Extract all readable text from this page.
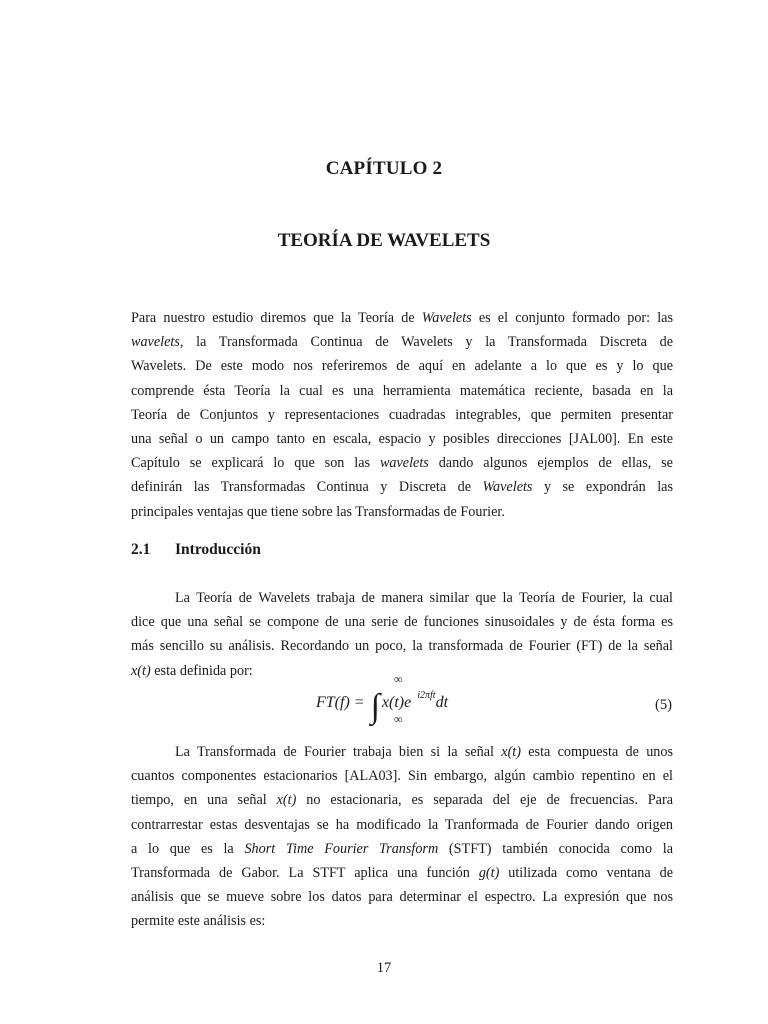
CAPÍTULO 2
TEORÍA DE WAVELETS
Para nuestro estudio diremos que la Teoría de Wavelets es el conjunto formado por: las
wavelets, la Transformada Continua de Wavelets y la Transformada Discreta de
Wavelets. De este modo nos referiremos de aquí en adelante a lo que es y lo que
comprende ésta Teoría la cual es una herramienta matemática reciente, basada en la
Teoría de Conjuntos y representaciones cuadradas integrables, que permiten presentar
una señal o un campo tanto en escala, espacio y posibles direcciones [JAL00]. En este
Capítulo se explicará lo que son las wavelets dando algunos ejemplos de ellas, se
definirán las Transformadas Continua y Discreta de Wavelets y se expondrán las
principales ventajas que tiene sobre las Transformadas de Fourier.
2.1 Introducción
La Teoría de Wavelets trabaja de manera similar que la Teoría de Fourier, la cual
dice que una señal se compone de una serie de funciones sinusoidales y de ésta forma es
más sencillo su análisis. Recordando un poco, la transformada de Fourier (FT) de la señal
x(t) esta definida por:
FT(f) = ∫
∞
∞
x(t)e $^{i2\pi ft}$dt	(5)
La Transformada de Fourier trabaja bien si la señal x(t) esta compuesta de unos
cuantos componentes estacionarios [ALA03]. Sin embargo, algún cambio repentino en el
tiempo, en una señal x(t) no estacionaria, es separada del eje de frecuencias. Para
contrarrestar estas desventajas se ha modificado la Tranformada de Fourier dando origen
a lo que es la Short Time Fourier Transform (STFT) también conocida como la
Transformada de Gabor. La STFT aplica una función g(t) utilizada como ventana de
análisis que se mueve sobre los datos para determinar el espectro. La expresión que nos
permite este análisis es:
17
